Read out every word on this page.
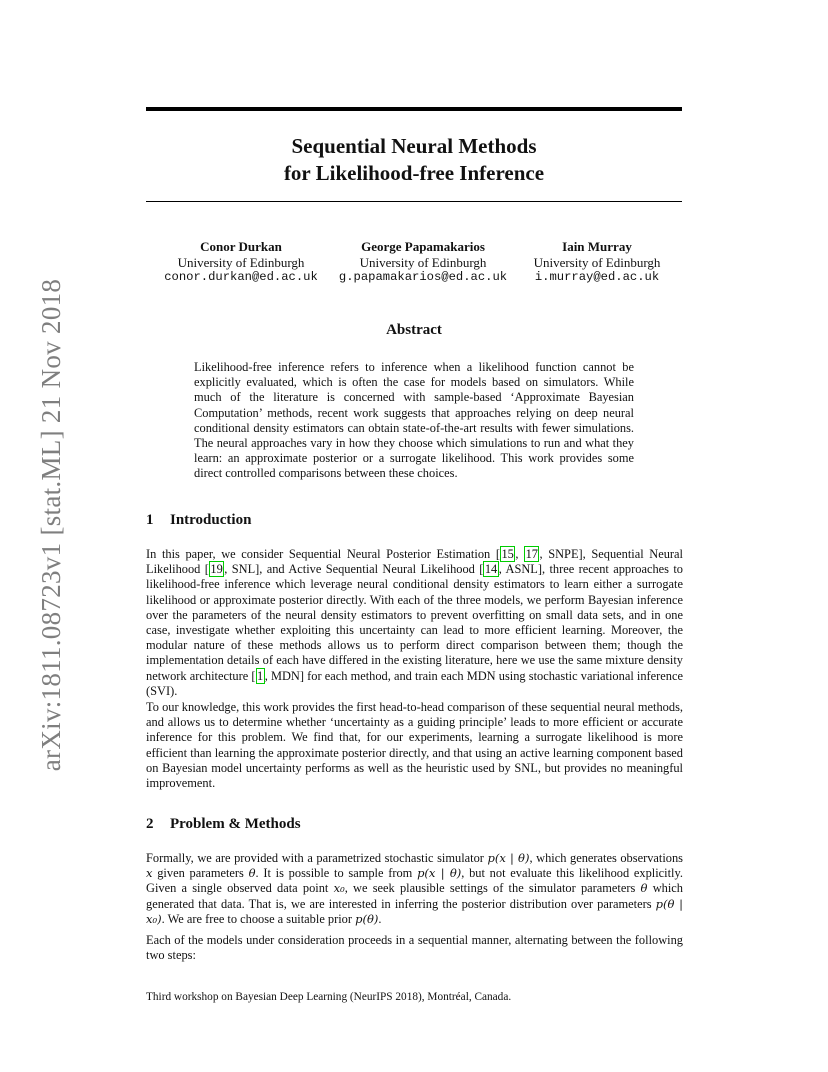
arXiv:1811.08723v1 [stat.ML] 21 Nov 2018
Sequential Neural Methods
for Likelihood-free Inference
Conor Durkan
University of Edinburgh
conor.durkan@ed.ac.uk
George Papamakarios
University of Edinburgh
g.papamakarios@ed.ac.uk
Iain Murray
University of Edinburgh
i.murray@ed.ac.uk
Abstract
Likelihood-free inference refers to inference when a likelihood function cannot be explicitly evaluated, which is often the case for models based on simulators. While much of the literature is concerned with sample-based ‘Approximate Bayesian Computation’ methods, recent work suggests that approaches relying on deep neural conditional density estimators can obtain state-of-the-art results with fewer simulations. The neural approaches vary in how they choose which simulations to run and what they learn: an approximate posterior or a surrogate likelihood. This work provides some direct controlled comparisons between these choices.
1 Introduction
In this paper, we consider Sequential Neural Posterior Estimation [ 15 , 17 , SNPE], Sequential Neural Likelihood [ 19 , SNL], and Active Sequential Neural Likelihood [ 14 , ASNL], three recent approaches to likelihood-free inference which leverage neural conditional density estimators to learn either a surrogate likelihood or approximate posterior directly. With each of the three models, we perform Bayesian inference over the parameters of the neural density estimators to prevent overfitting on small data sets, and in one case, investigate whether exploiting this uncertainty can lead to more efficient learning. Moreover, the modular nature of these methods allows us to perform direct comparison between them; though the implementation details of each have differed in the existing literature, here we use the same mixture density network architecture [ 1 , MDN] for each method, and train each MDN using stochastic variational inference (SVI).
To our knowledge, this work provides the first head-to-head comparison of these sequential neural methods, and allows us to determine whether ‘uncertainty as a guiding principle’ leads to more efficient or accurate inference for this problem. We find that, for our experiments, learning a surrogate likelihood is more efficient than learning the approximate posterior directly, and that using an active learning component based on Bayesian model uncertainty performs as well as the heuristic used by SNL, but provides no meaningful improvement.
2 Problem & Methods
Formally, we are provided with a parametrized stochastic simulator p(x | θ), which generates observations x given parameters θ. It is possible to sample from p(x | θ), but not evaluate this likelihood explicitly. Given a single observed data point x₀, we seek plausible settings of the simulator parameters θ which generated that data. That is, we are interested in inferring the posterior distribution over parameters p(θ | x₀). We are free to choose a suitable prior p(θ).
Each of the models under consideration proceeds in a sequential manner, alternating between the following two steps:
Third workshop on Bayesian Deep Learning (NeurIPS 2018), Montréal, Canada.
